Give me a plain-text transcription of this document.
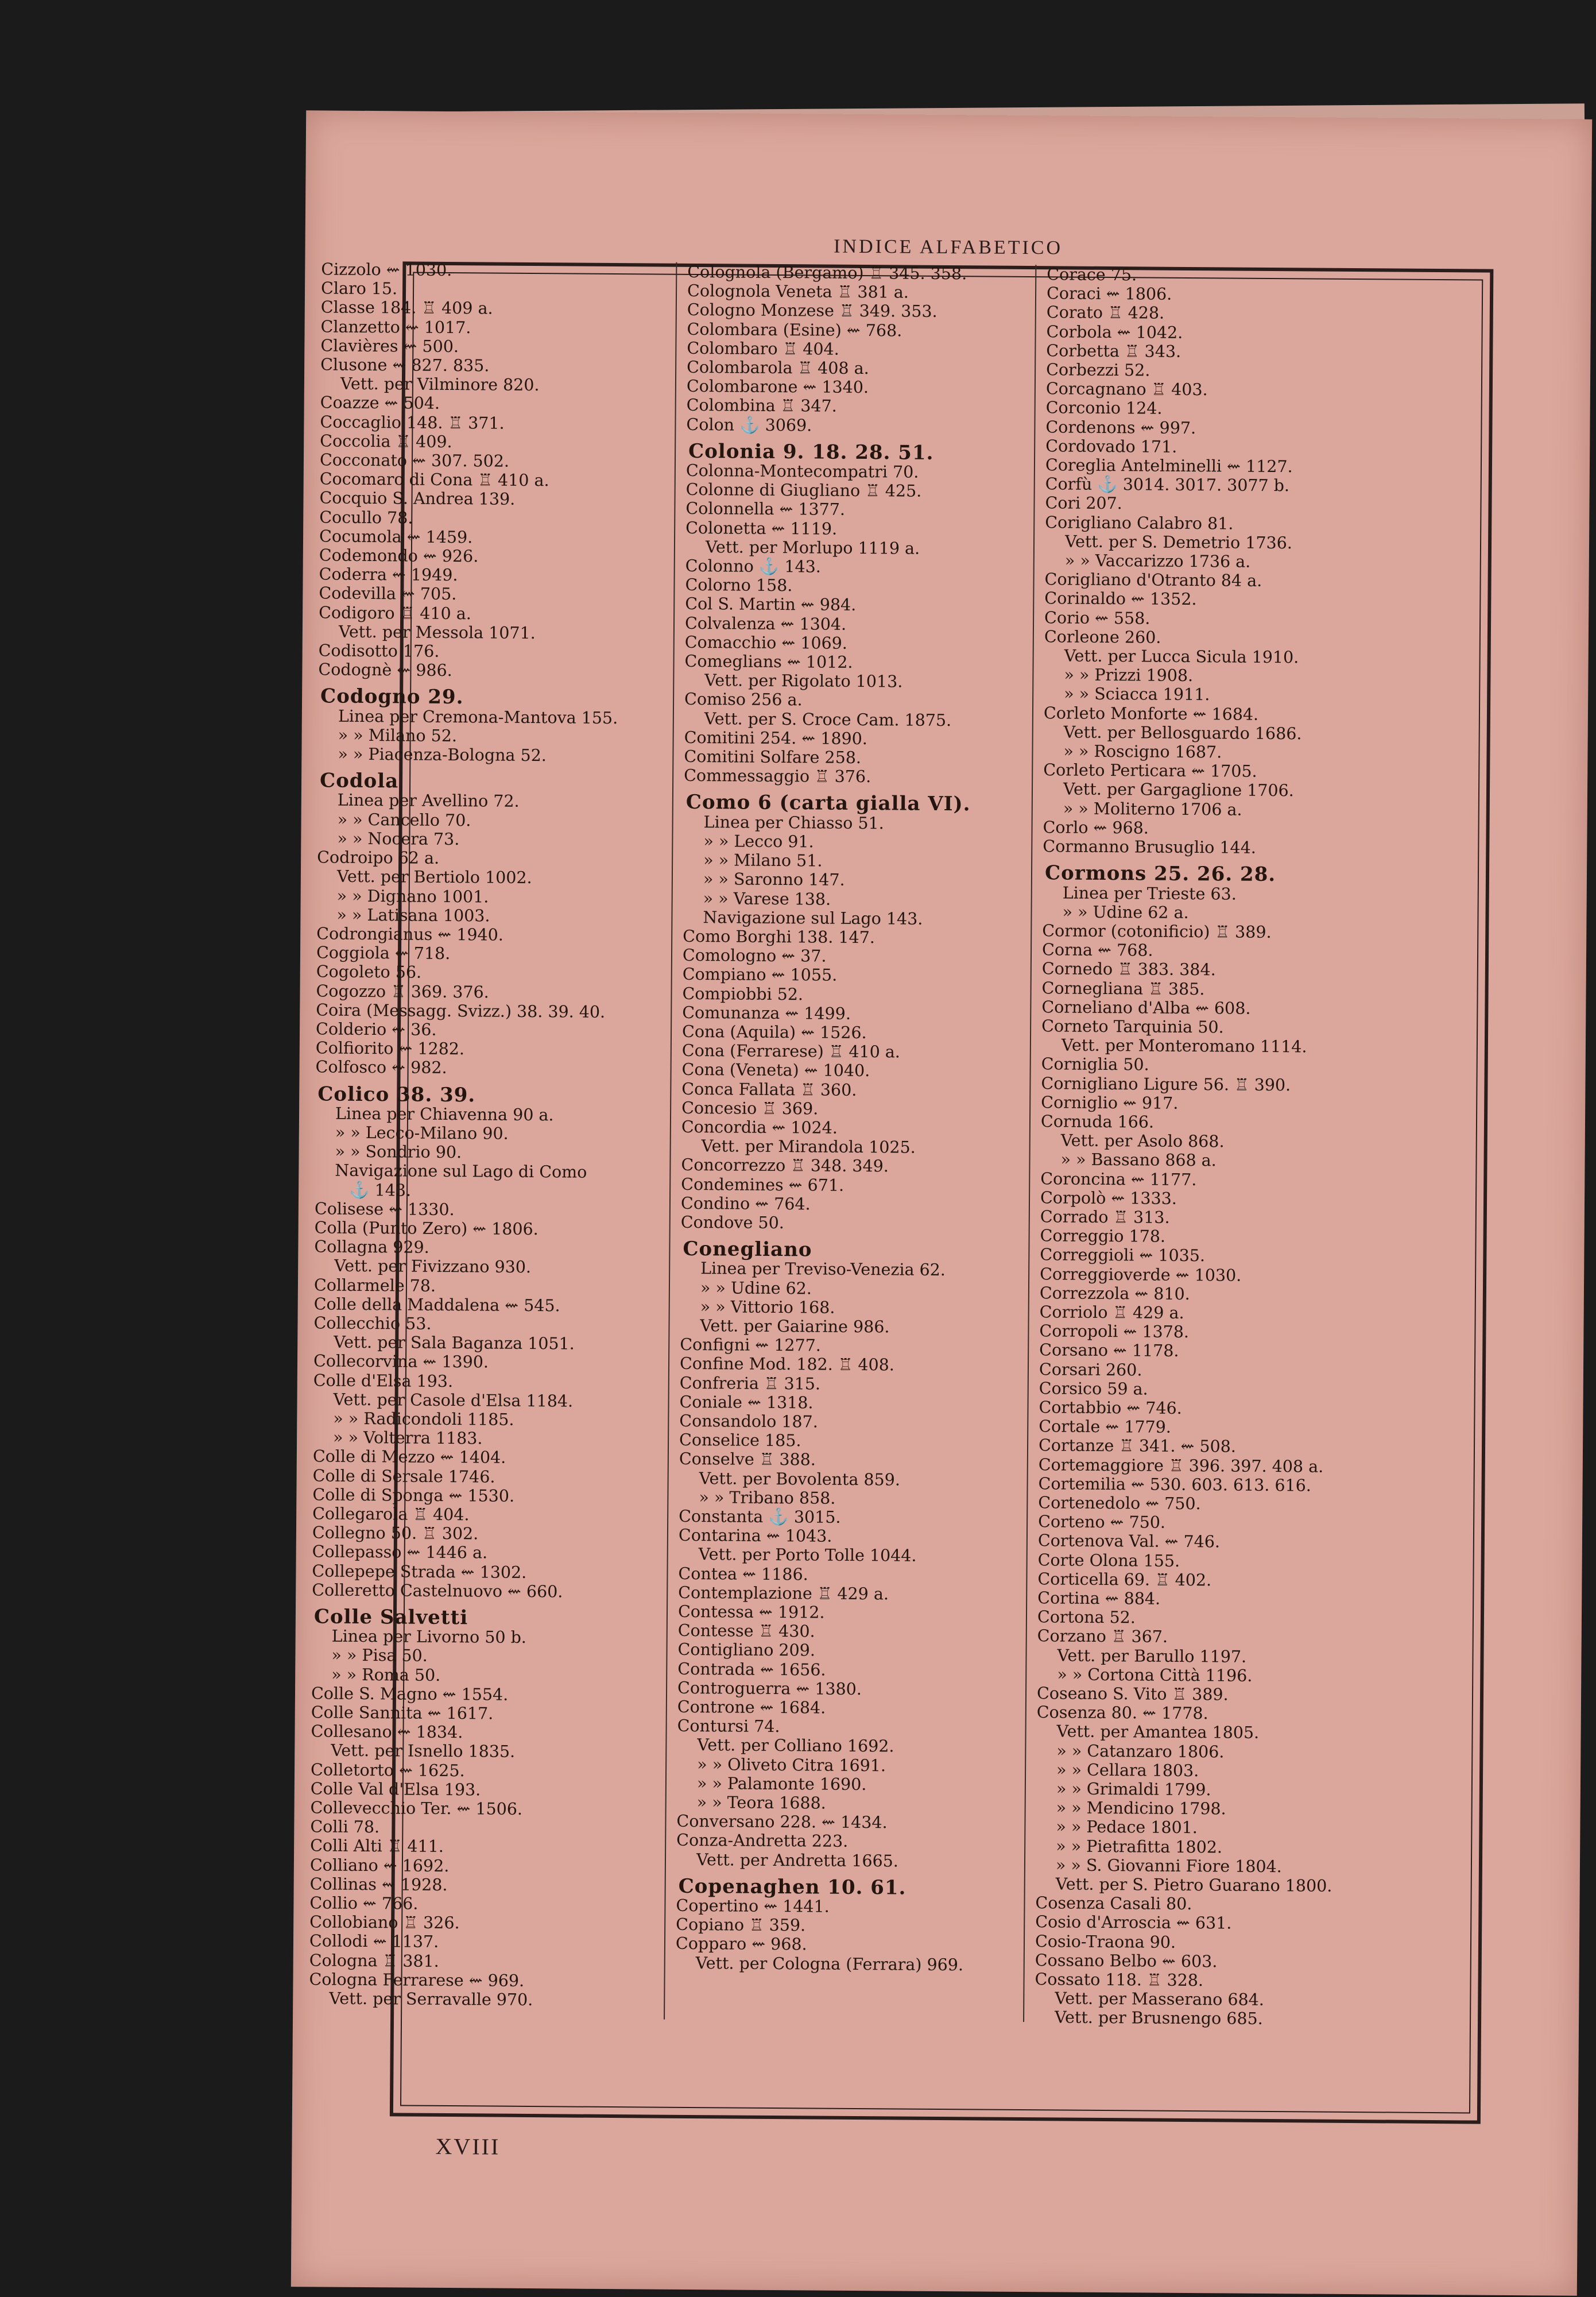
INDICE ALFABETICO
Cizzolo ⇜ 1030.
Claro 15.
Classe 184. ♖ 409 a.
Clanzetto ⇜ 1017.
Clavières ⇜ 500.
Clusone ⇜ 827. 835.
Vett. per Vilminore 820.
Coazze ⇜ 504.
Coccaglio 148. ♖ 371.
Coccolia ♖ 409.
Cocconato ⇜ 307. 502.
Cocomaro di Cona ♖ 410 a.
Cocquio S. Andrea 139.
Cocullo 78.
Cocumola ⇜ 1459.
Codemondo ⇜ 926.
Coderra ⇜ 1949.
Codevilla ⇜ 705.
Codigoro ♖ 410 a.
Vett. per Messola 1071.
Codisotto 176.
Codognè ⇜ 986.
Codogno 29.
Linea per Cremona-Mantova 155.
» » Milano 52.
» » Piacenza-Bologna 52.
Codola
Linea per Avellino 72.
» » Cancello 70.
» » Nocera 73.
Codroipo 62 a.
Vett. per Bertiolo 1002.
» » Dignano 1001.
» » Latisana 1003.
Codrongianus ⇜ 1940.
Coggiola ⇜ 718.
Cogoleto 56.
Cogozzo ♖ 369. 376.
Coira (Messagg. Svizz.) 38. 39. 40.
Colderio ⇜ 36.
Colfiorito ⇜ 1282.
Colfosco ⇜ 982.
Colico 38. 39.
Linea per Chiavenna 90 a.
» » Lecco-Milano 90.
» » Sondrio 90.
Navigazione sul Lago di Como
⚓ 143.
Colisese ⇜ 1330.
Colla (Punto Zero) ⇜ 1806.
Collagna 929.
Vett. per Fivizzano 930.
Collarmele 78.
Colle della Maddalena ⇜ 545.
Collecchio 53.
Vett. per Sala Baganza 1051.
Collecorvina ⇜ 1390.
Colle d'Elsa 193.
Vett. per Casole d'Elsa 1184.
» » Radicondoli 1185.
» » Volterra 1183.
Colle di Mezzo ⇜ 1404.
Colle di Sersale 1746.
Colle di Sponga ⇜ 1530.
Collegarola ♖ 404.
Collegno 50. ♖ 302.
Collepasso ⇜ 1446 a.
Collepepe Strada ⇜ 1302.
Colleretto Castelnuovo ⇜ 660.
Colle Salvetti
Linea per Livorno 50 b.
» » Pisa 50.
» » Roma 50.
Colle S. Magno ⇜ 1554.
Colle Sannita ⇜ 1617.
Collesano ⇜ 1834.
Vett. per Isnello 1835.
Colletorto ⇜ 1625.
Colle Val d'Elsa 193.
Collevecchio Ter. ⇜ 1506.
Colli 78.
Colli Alti ♖ 411.
Colliano ⇜ 1692.
Collinas ⇜ 1928.
Collio ⇜ 766.
Collobiano ♖ 326.
Collodi ⇜ 1137.
Cologna ♖ 381.
Cologna Ferrarese ⇜ 969.
Vett. per Serravalle 970.
Colognola (Bergamo) ♖ 345. 358.
Colognola Veneta ♖ 381 a.
Cologno Monzese ♖ 349. 353.
Colombara (Esine) ⇜ 768.
Colombaro ♖ 404.
Colombarola ♖ 408 a.
Colombarone ⇜ 1340.
Colombina ♖ 347.
Colon ⚓ 3069.
Colonia 9. 18. 28. 51.
Colonna-Montecompatri 70.
Colonne di Giugliano ♖ 425.
Colonnella ⇜ 1377.
Colonetta ⇜ 1119.
Vett. per Morlupo 1119 a.
Colonno ⚓ 143.
Colorno 158.
Col S. Martin ⇜ 984.
Colvalenza ⇜ 1304.
Comacchio ⇜ 1069.
Comeglians ⇜ 1012.
Vett. per Rigolato 1013.
Comiso 256 a.
Vett. per S. Croce Cam. 1875.
Comitini 254. ⇜ 1890.
Comitini Solfare 258.
Commessaggio ♖ 376.
Como 6 (carta gialla VI).
Linea per Chiasso 51.
» » Lecco 91.
» » Milano 51.
» » Saronno 147.
» » Varese 138.
Navigazione sul Lago 143.
Como Borghi 138. 147.
Comologno ⇜ 37.
Compiano ⇜ 1055.
Compiobbi 52.
Comunanza ⇜ 1499.
Cona (Aquila) ⇜ 1526.
Cona (Ferrarese) ♖ 410 a.
Cona (Veneta) ⇜ 1040.
Conca Fallata ♖ 360.
Concesio ♖ 369.
Concordia ⇜ 1024.
Vett. per Mirandola 1025.
Concorrezzo ♖ 348. 349.
Condemines ⇜ 671.
Condino ⇜ 764.
Condove 50.
Conegliano
Linea per Treviso-Venezia 62.
» » Udine 62.
» » Vittorio 168.
Vett. per Gaiarine 986.
Configni ⇜ 1277.
Confine Mod. 182. ♖ 408.
Confreria ♖ 315.
Coniale ⇜ 1318.
Consandolo 187.
Conselice 185.
Conselve ♖ 388.
Vett. per Bovolenta 859.
» » Tribano 858.
Constanta ⚓ 3015.
Contarina ⇜ 1043.
Vett. per Porto Tolle 1044.
Contea ⇜ 1186.
Contemplazione ♖ 429 a.
Contessa ⇜ 1912.
Contesse ♖ 430.
Contigliano 209.
Contrada ⇜ 1656.
Controguerra ⇜ 1380.
Controne ⇜ 1684.
Contursi 74.
Vett. per Colliano 1692.
» » Oliveto Citra 1691.
» » Palamonte 1690.
» » Teora 1688.
Conversano 228. ⇜ 1434.
Conza-Andretta 223.
Vett. per Andretta 1665.
Copenaghen 10. 61.
Copertino ⇜ 1441.
Copiano ♖ 359.
Copparo ⇜ 968.
Vett. per Cologna (Ferrara) 969.
Corace 75.
Coraci ⇜ 1806.
Corato ♖ 428.
Corbola ⇜ 1042.
Corbetta ♖ 343.
Corbezzi 52.
Corcagnano ♖ 403.
Corconio 124.
Cordenons ⇜ 997.
Cordovado 171.
Coreglia Antelminelli ⇜ 1127.
Corfù ⚓ 3014. 3017. 3077 b.
Cori 207.
Corigliano Calabro 81.
Vett. per S. Demetrio 1736.
» » Vaccarizzo 1736 a.
Corigliano d'Otranto 84 a.
Corinaldo ⇜ 1352.
Corio ⇜ 558.
Corleone 260.
Vett. per Lucca Sicula 1910.
» » Prizzi 1908.
» » Sciacca 1911.
Corleto Monforte ⇜ 1684.
Vett. per Bellosguardo 1686.
» » Roscigno 1687.
Corleto Perticara ⇜ 1705.
Vett. per Gargaglione 1706.
» » Moliterno 1706 a.
Corlo ⇜ 968.
Cormanno Brusuglio 144.
Cormons 25. 26. 28.
Linea per Trieste 63.
» » Udine 62 a.
Cormor (cotonificio) ♖ 389.
Corna ⇜ 768.
Cornedo ♖ 383. 384.
Corneglianа ♖ 385.
Corneliano d'Alba ⇜ 608.
Corneto Tarquinia 50.
Vett. per Monteromano 1114.
Corniglia 50.
Cornigliano Ligure 56. ♖ 390.
Corniglio ⇜ 917.
Cornuda 166.
Vett. per Asolo 868.
» » Bassano 868 a.
Coroncina ⇜ 1177.
Corpolò ⇜ 1333.
Corrado ♖ 313.
Correggio 178.
Correggioli ⇜ 1035.
Correggioverde ⇜ 1030.
Correzzola ⇜ 810.
Corriolo ♖ 429 a.
Corropoli ⇜ 1378.
Corsano ⇜ 1178.
Corsari 260.
Corsico 59 a.
Cortabbio ⇜ 746.
Cortale ⇜ 1779.
Cortanze ♖ 341. ⇜ 508.
Cortemaggiore ♖ 396. 397. 408 a.
Cortemilia ⇜ 530. 603. 613. 616.
Cortenedolo ⇜ 750.
Corteno ⇜ 750.
Cortenova Val. ⇜ 746.
Corte Olona 155.
Corticella 69. ♖ 402.
Cortina ⇜ 884.
Cortona 52.
Corzano ♖ 367.
Vett. per Barullo 1197.
» » Cortona Città 1196.
Coseano S. Vito ♖ 389.
Cosenza 80. ⇜ 1778.
Vett. per Amantea 1805.
» » Catanzaro 1806.
» » Cellara 1803.
» » Grimaldi 1799.
» » Mendicino 1798.
» » Pedace 1801.
» » Pietrafitta 1802.
» » S. Giovanni Fiore 1804.
Vett. per S. Pietro Guarano 1800.
Cosenza Casali 80.
Cosio d'Arroscia ⇜ 631.
Cosio-Traona 90.
Cossano Belbo ⇜ 603.
Cossato 118. ♖ 328.
Vett. per Masserano 684.
Vett. per Brusnengo 685.
XVIII
